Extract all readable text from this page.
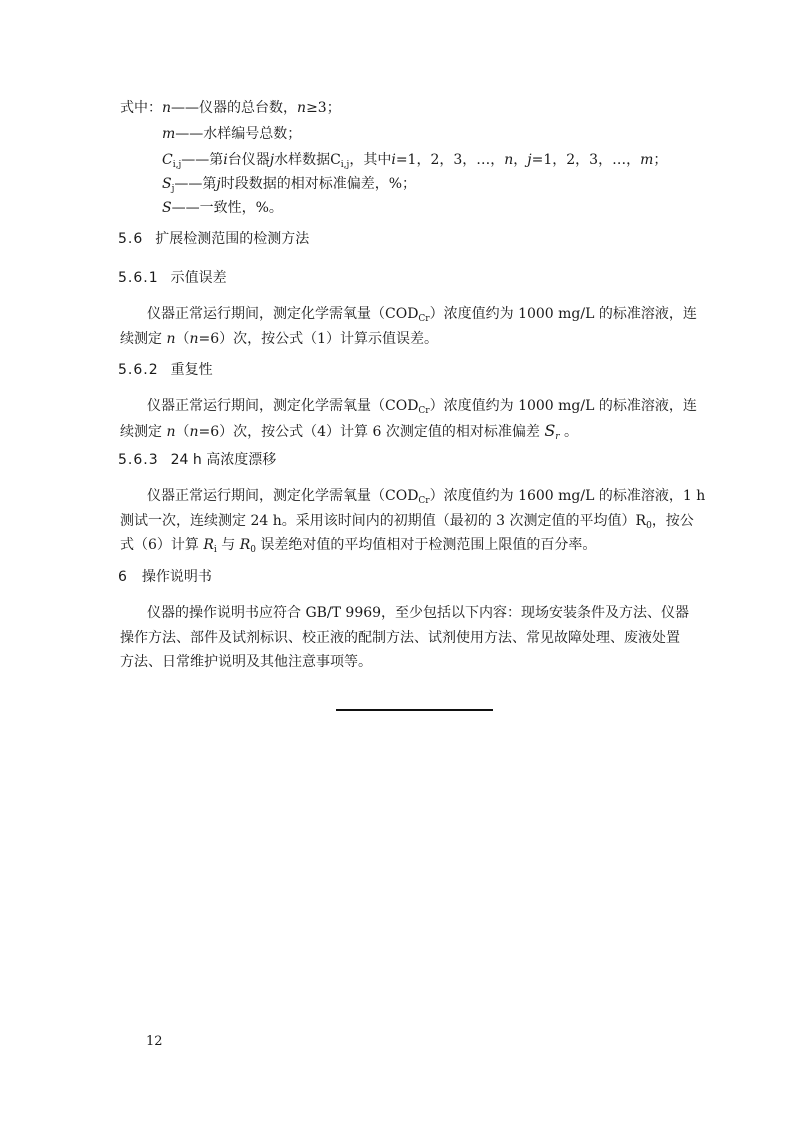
式中：n——仪器的总台数，n≥3；
m——水样编号总数；
$C_{i,j}——$第i台仪器j水样数据$C_{i,j}$，其中i=1，2，3，…，n，j=1，2，3，…，m；
$S_j——$第j时段数据的相对标准偏差，%；
S——一致性，%。
5.6 扩展检测范围的检测方法
5.6.1 示值误差
仪器正常运行期间，测定化学需氧量$(COD_{Cr})$浓度值约为 1000 mg/L 的标准溶液，连
续测定 n（n=6）次，按公式（1）计算示值误差。
5.6.2 重复性
仪器正常运行期间，测定化学需氧量$(COD_{Cr})$浓度值约为 1000 mg/L 的标准溶液，连
续测定 n（n=6）次，按公式（4）计算 6 次测定值的相对标准偏差 $S_r$ 。
5.6.3 24 h 高浓度漂移
仪器正常运行期间，测定化学需氧量$(COD_{Cr})$浓度值约为 1600 mg/L 的标准溶液，1 h
测试一次，连续测定 24 h。采用该时间内的初期值（最初的 3 次测定值的平均值）$R_0$，按公
式（6）计算 $R_i$ 与 $R_0$ 误差绝对值的平均值相对于检测范围上限值的百分率。
6 操作说明书
仪器的操作说明书应符合 GB/T 9969，至少包括以下内容：现场安装条件及方法、仪器
操作方法、部件及试剂标识、校正液的配制方法、试剂使用方法、常见故障处理、废液处置
方法、日常维护说明及其他注意事项等。
12
